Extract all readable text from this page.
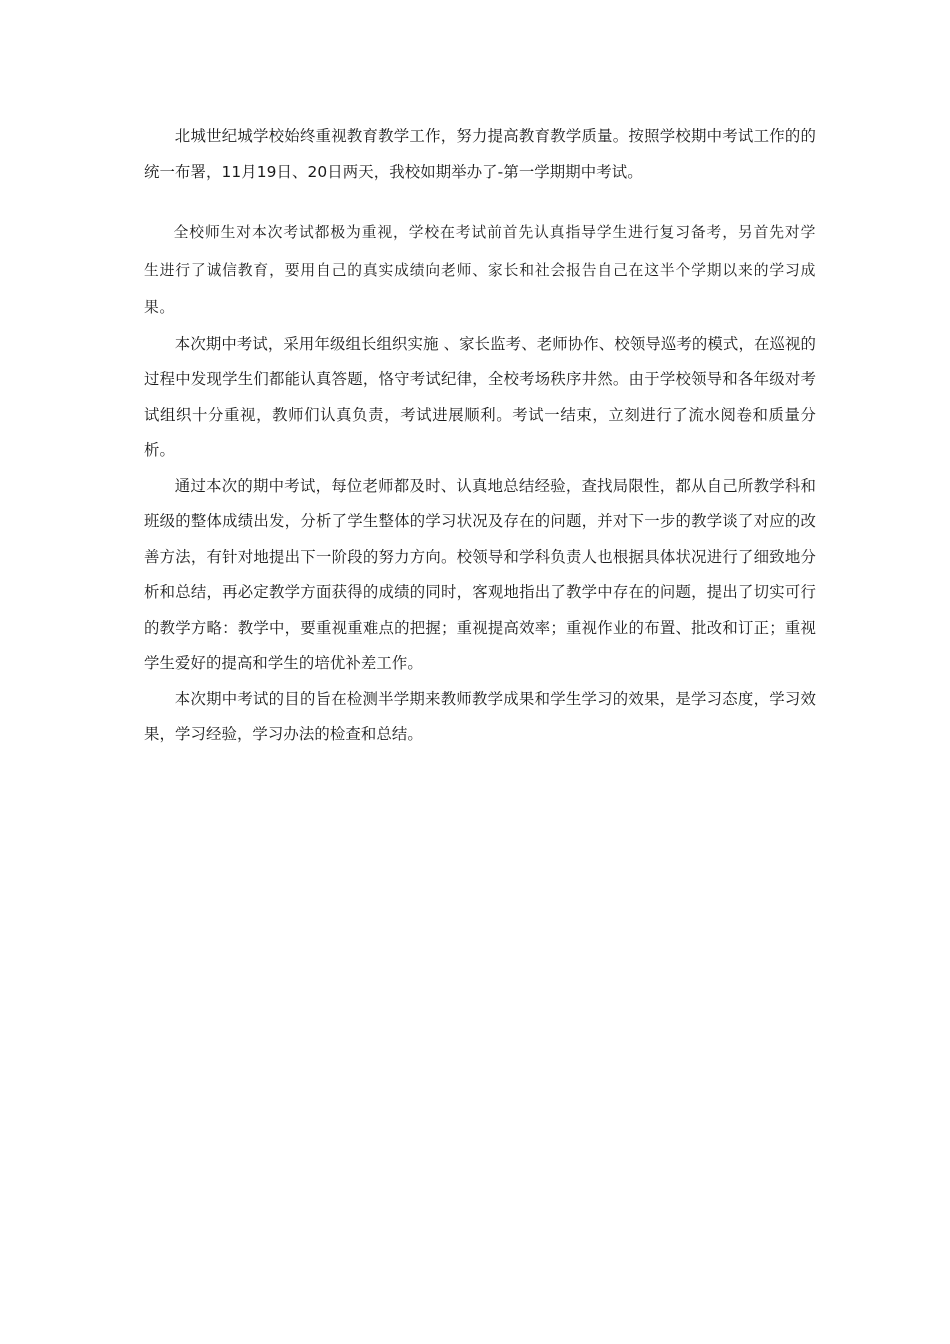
北城世纪城学校始终重视教育教学工作，努力提高教育教学质量。按照学校期中考试工作的的统一布署，11月19日、20日两天，我校如期举办了-第一学期期中考试。

全校师生对本次考试都极为重视，学校在考试前首先认真指导学生进行复习备考，另首先对学生进行了诚信教育，要用自己的真实成绩向老师、家长和社会报告自己在这半个学期以来的学习成果。

本次期中考试，采用年级组长组织实施 、家长监考、老师协作、校领导巡考的模式，在巡视的过程中发现学生们都能认真答题，恪守考试纪律，全校考场秩序井然。由于学校领导和各年级对考试组织十分重视，教师们认真负责，考试进展顺利。考试一结束，立刻进行了流水阅卷和质量分析。

通过本次的期中考试，每位老师都及时、认真地总结经验，查找局限性，都从自己所教学科和班级的整体成绩出发，分析了学生整体的学习状况及存在的问题，并对下一步的教学谈了对应的改善方法，有针对地提出下一阶段的努力方向。校领导和学科负责人也根据具体状况进行了细致地分析和总结，再必定教学方面获得的成绩的同时，客观地指出了教学中存在的问题，提出了切实可行的教学方略：教学中，要重视重难点的把握；重视提高效率；重视作业的布置、批改和订正；重视学生爱好的提高和学生的培优补差工作。

本次期中考试的目的旨在检测半学期来教师教学成果和学生学习的效果，是学习态度，学习效果，学习经验，学习办法的检查和总结。
